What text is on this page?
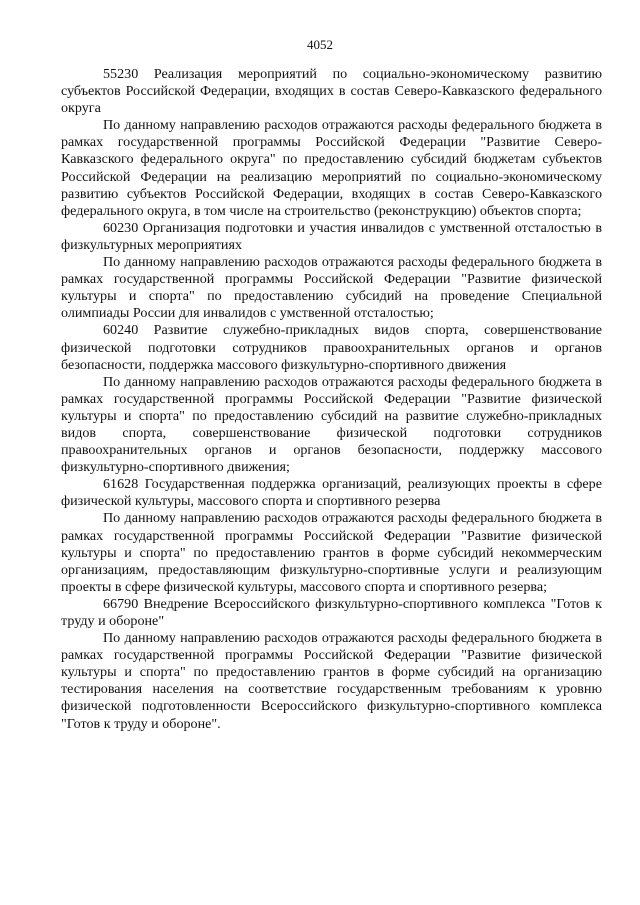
4052

55230 Реализация мероприятий по социально-экономическому развитию субъектов Российской Федерации, входящих в состав Северо-Кавказского федерального округа

По данному направлению расходов отражаются расходы федерального бюджета в рамках государственной программы Российской Федерации "Развитие Северо-Кавказского федерального округа" по предоставлению субсидий бюджетам субъектов Российской Федерации на реализацию мероприятий по социально-экономическому развитию субъектов Российской Федерации, входящих в состав Северо-Кавказского федерального округа, в том числе на строительство (реконструкцию) объектов спорта;

60230 Организация подготовки и участия инвалидов с умственной отсталостью в физкультурных мероприятиях

По данному направлению расходов отражаются расходы федерального бюджета в рамках государственной программы Российской Федерации "Развитие физической культуры и спорта" по предоставлению субсидий на проведение Специальной олимпиады России для инвалидов с умственной отсталостью;

60240 Развитие служебно-прикладных видов спорта, совершенствование физической подготовки сотрудников правоохранительных органов и органов безопасности, поддержка массового физкультурно-спортивного движения

По данному направлению расходов отражаются расходы федерального бюджета в рамках государственной программы Российской Федерации "Развитие физической культуры и спорта" по предоставлению субсидий на развитие служебно-прикладных видов спорта, совершенствование физической подготовки сотрудников правоохранительных органов и органов безопасности, поддержку массового физкультурно-спортивного движения;

61628 Государственная поддержка организаций, реализующих проекты в сфере физической культуры, массового спорта и спортивного резерва

По данному направлению расходов отражаются расходы федерального бюджета в рамках государственной программы Российской Федерации "Развитие физической культуры и спорта" по предоставлению грантов в форме субсидий некоммерческим организациям, предоставляющим физкультурно-спортивные услуги и реализующим проекты в сфере физической культуры, массового спорта и спортивного резерва;

66790 Внедрение Всероссийского физкультурно-спортивного комплекса "Готов к труду и обороне"

По данному направлению расходов отражаются расходы федерального бюджета в рамках государственной программы Российской Федерации "Развитие физической культуры и спорта" по предоставлению грантов в форме субсидий на организацию тестирования населения на соответствие государственным требованиям к уровню физической подготовленности Всероссийского физкультурно-спортивного комплекса "Готов к труду и обороне".
